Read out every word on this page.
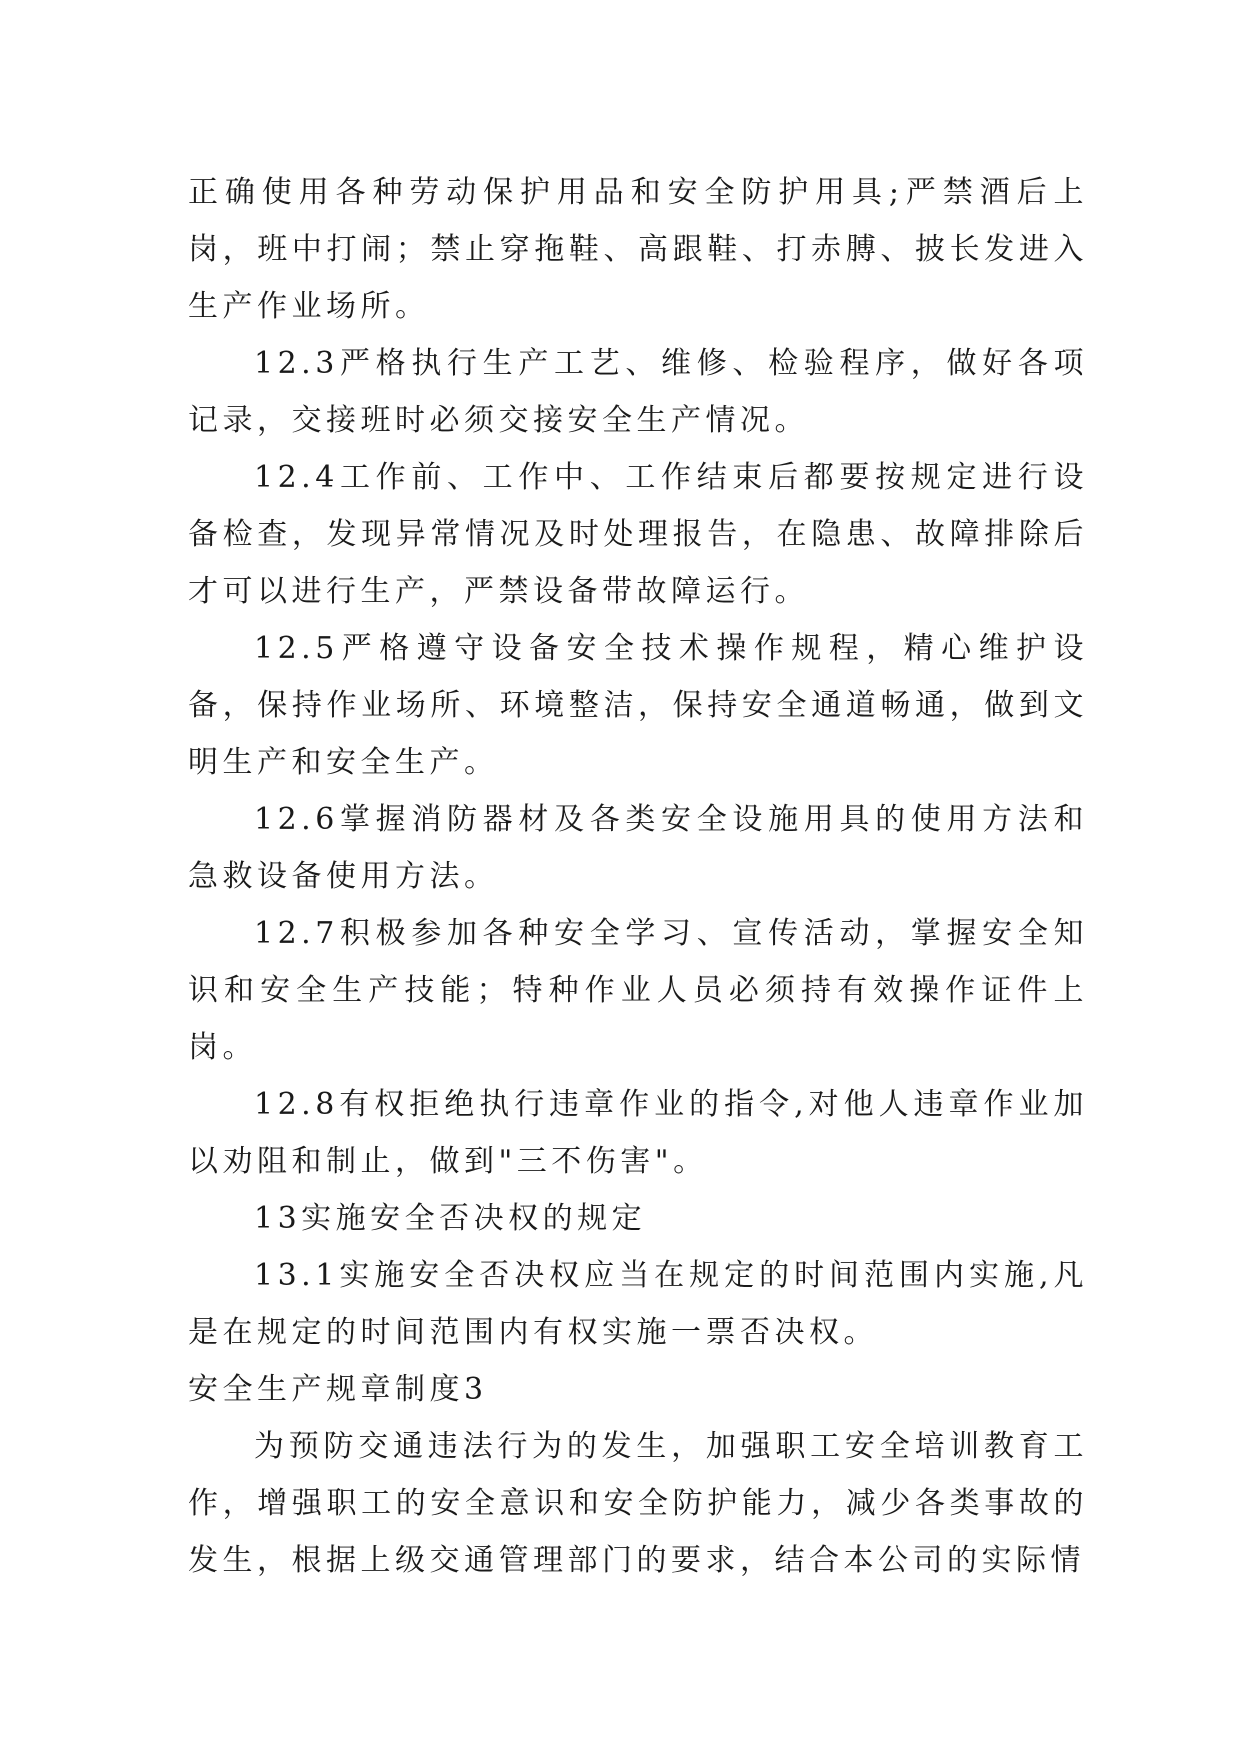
正确使用各种劳动保护用品和安全防护用具;严禁酒后上岗，班中打闹；禁止穿拖鞋、高跟鞋、打赤膊、披长发进入生产作业场所。

12.3严格执行生产工艺、维修、检验程序，做好各项记录，交接班时必须交接安全生产情况。

12.4工作前、工作中、工作结束后都要按规定进行设备检查，发现异常情况及时处理报告，在隐患、故障排除后才可以进行生产，严禁设备带故障运行。

12.5严格遵守设备安全技术操作规程，精心维护设备，保持作业场所、环境整洁，保持安全通道畅通，做到文明生产和安全生产。

12.6掌握消防器材及各类安全设施用具的使用方法和急救设备使用方法。

12.7积极参加各种安全学习、宣传活动，掌握安全知识和安全生产技能；特种作业人员必须持有效操作证件上岗。

12.8有权拒绝执行违章作业的指令,对他人违章作业加以劝阻和制止，做到"三不伤害"。

13实施安全否决权的规定

13.1实施安全否决权应当在规定的时间范围内实施,凡是在规定的时间范围内有权实施一票否决权。

安全生产规章制度3

为预防交通违法行为的发生，加强职工安全培训教育工作，增强职工的安全意识和安全防护能力，减少各类事故的发生，根据上级交通管理部门的要求，结合本公司的实际情
